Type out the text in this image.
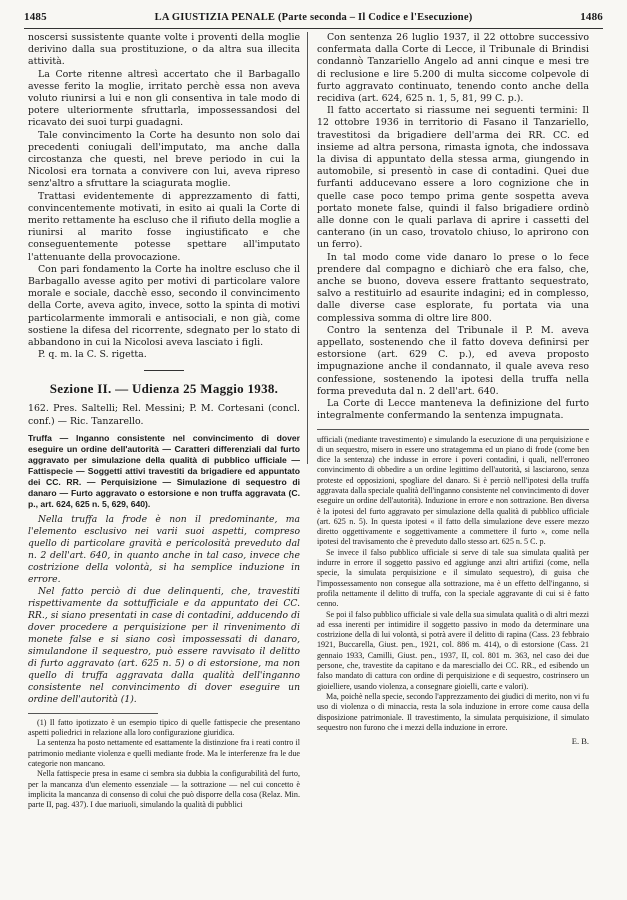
1485	LA GIUSTIZIA PENALE (Parte seconda – Il Codice e l'Esecuzione)	1486

noscersi sussistente quante volte i proventi della moglie derivino dalla sua prostituzione, o da altra sua illecita attività.

La Corte ritenne altresì accertato che il Barbagallo avesse ferito la moglie, irritato perchè essa non aveva voluto riunirsi a lui e non gli consentiva in tale modo di potere ulteriormente sfruttarla, impossessandosi del ricavato dei suoi turpi guadagni.

Tale convincimento la Corte ha desunto non solo dai precedenti coniugali dell'imputato, ma anche dalla circostanza che questi, nel breve periodo in cui la Nicolosi era tornata a convivere con lui, aveva ripreso senz'altro a sfruttare la sciagurata moglie.

Trattasi evidentemente di apprezzamento di fatti, convincentemente motivati, in esito ai quali la Corte di merito rettamente ha escluso che il rifiuto della moglie a riunirsi al marito fosse ingiustificato e che conseguentemente potesse spettare all'imputato l'attenuante della provocazione.

Con pari fondamento la Corte ha inoltre escluso che il Barbagallo avesse agito per motivi di particolare valore morale e sociale, dacchè esso, secondo il convincimento della Corte, aveva agito, invece, sotto la spinta di motivi particolarmente immorali e antisociali, e non già, come sostiene la difesa del ricorrente, sdegnato per lo stato di abbandono in cui la Nicolosi aveva lasciato i figli.

P. q. m. la C. S. rigetta.

Sezione II. — Udienza 25 Maggio 1938.

162. Pres. Saltelli; Rel. Messini; P. M. Cortesani (concl. conf.) — Ric. Tanzarello.

Truffa — Inganno consistente nel convincimento di dover eseguire un ordine dell'autorità — Caratteri differenziali dal furto aggravato per simulazione della qualità di pubblico ufficiale — Fattispecie — Soggetti attivi travestiti da brigadiere ed appuntato dei CC. RR. — Perquisizione — Simulazione di sequestro di danaro — Furto aggravato o estorsione e non truffa aggravata (C. p., art. 624, 625 n. 5, 629, 640).

Nella truffa la frode è non il predominante, ma l'elemento esclusivo nei varii suoi aspetti, compreso quello di particolare gravità e pericolosità preveduto dal n. 2 dell'art. 640, in quanto anche in tal caso, invece che costrizione della volontà, si ha semplice induzione in errore.

Nel fatto perciò di due delinquenti, che, travestiti rispettivamente da sottufficiale e da appuntato dei CC. RR., si siano presentati in case di contadini, adducendo di dover procedere a perquisizione per il rinvenimento di monete false e si siano così impossessati di danaro, simulandone il sequestro, può essere ravvisato il delitto di furto aggravato (art. 625 n. 5) o di estorsione, ma non quello di truffa aggravata dalla qualità dell'inganno consistente nel convincimento di dover eseguire un ordine dell'autorità (1).

(1) Il fatto ipotizzato è un esempio tipico di quelle fattispecie che presentano aspetti poliedrici in relazione alla loro configurazione giuridica.

La sentenza ha posto nettamente ed esattamente la distinzione fra i reati contro il patrimonio mediante violenza e quelli mediante frode. Ma le interferenze fra le due categorie non mancano.

Nella fattispecie presa in esame ci sembra sia dubbia la configurabilità del furto, per la mancanza d'un elemento essenziale — la sottrazione — nel cui concetto è implicita la mancanza di consenso di colui che può disporre della cosa (Relaz. Min. parte II, pag. 437). I due mariuoli, simulando la qualità di pubblici

Con sentenza 26 luglio 1937, il 22 ottobre successivo confermata dalla Corte di Lecce, il Tribunale di Brindisi condannò Tanzariello Angelo ad anni cinque e mesi tre di reclusione e lire 5.200 di multa siccome colpevole di furto aggravato continuato, tenendo conto anche della recidiva (art. 624, 625 n. 1, 5, 81, 99 C. p.).

Il fatto accertato si riassume nei seguenti termini: Il 12 ottobre 1936 in territorio di Fasano il Tanzariello, travestitosi da brigadiere dell'arma dei RR. CC. ed insieme ad altra persona, rimasta ignota, che indossava la divisa di appuntato della stessa arma, giungendo in automobile, si presentò in case di contadini. Quei due furfanti adducevano essere a loro cognizione che in quelle case poco tempo prima gente sospetta aveva portato monete false, quindi il falso brigadiere ordinò alle donne con le quali parlava di aprire i cassetti del canterano (in un caso, trovatolo chiuso, lo aprirono con un ferro).

In tal modo come vide danaro lo prese o lo fece prendere dal compagno e dichiarò che era falso, che, anche se buono, doveva essere frattanto sequestrato, salvo a restituirlo ad esaurite indagini; ed in complesso, dalle diverse case esplorate, fu portata via una complessiva somma di oltre lire 800.

Contro la sentenza del Tribunale il P. M. aveva appellato, sostenendo che il fatto doveva definirsi per estorsione (art. 629 C. p.), ed aveva proposto impugnazione anche il condannato, il quale aveva reso confessione, sostenendo la ipotesi della truffa nella forma preveduta dal n. 2 dell'art. 640.

La Corte di Lecce manteneva la definizione del furto integralmente confermando la sentenza impugnata.

ufficiali (mediante travestimento) e simulando la esecuzione di una perquisizione e di un sequestro, misero in essere uno stratagemma ed un piano di frode (come ben dice la sentenza) che indusse in errore i poveri contadini, i quali, nell'erroneo convincimento di obbedire a un ordine legittimo dell'autorità, si lasciarono, senza proteste ed opposizioni, spogliare del danaro. Si è perciò nell'ipotesi della truffa aggravata dalla speciale qualità dell'inganno consistente nel convincimento di dover eseguire un ordine dell'autorità). Induzione in errore e non sottrazione. Ben diversa è la ipotesi del furto aggravato per simulazione della qualità di pubblico ufficiale (art. 625 n. 5). In questa ipotesi « il fatto della simulazione deve essere mezzo diretto oggettivamente e soggettivamente a commettere il furto », come nella ipotesi del travisamento che è preveduto dallo stesso art. 625 n. 5 C. p.

Se invece il falso pubblico ufficiale si serve di tale sua simulata qualità per indurre in errore il soggetto passivo ed aggiunge anzi altri artifizi (come, nella specie, la simulata perquisizione e il simulato sequestro), di guisa che l'impossessamento non consegue alla sottrazione, ma è un effetto dell'inganno, si profila nettamente il delitto di truffa, con la speciale aggravante di cui si è fatto cenno.

Se poi il falso pubblico ufficiale si vale della sua simulata qualità o di altri mezzi ad essa inerenti per intimidire il soggetto passivo in modo da determinare una costrizione della di lui volontà, si potrà avere il delitto di rapina (Cass. 23 febbraio 1921, Buccarella, Giust. pen., 1921, col. 886 m. 414), o di estorsione (Cass. 21 gennaio 1933, Camilli, Giust. pen., 1937, II, col. 801 m. 363, nel caso dei due persone, che, travestite da capitano e da maresciallo dei CC. RR., ed esibendo un falso mandato di cattura con ordine di perquisizione e di sequestro, costrinsero un gioielliere, usando violenza, a consegnare gioielli, carte e valori).

Ma, poichè nella specie, secondo l'apprezzamento dei giudici di merito, non vi fu uso di violenza o di minaccia, resta la sola induzione in errore come causa della disposizione patrimoniale. Il travestimento, la simulata perquisizione, il simulato sequestro non furono che i mezzi della induzione in errore.

E. B.
